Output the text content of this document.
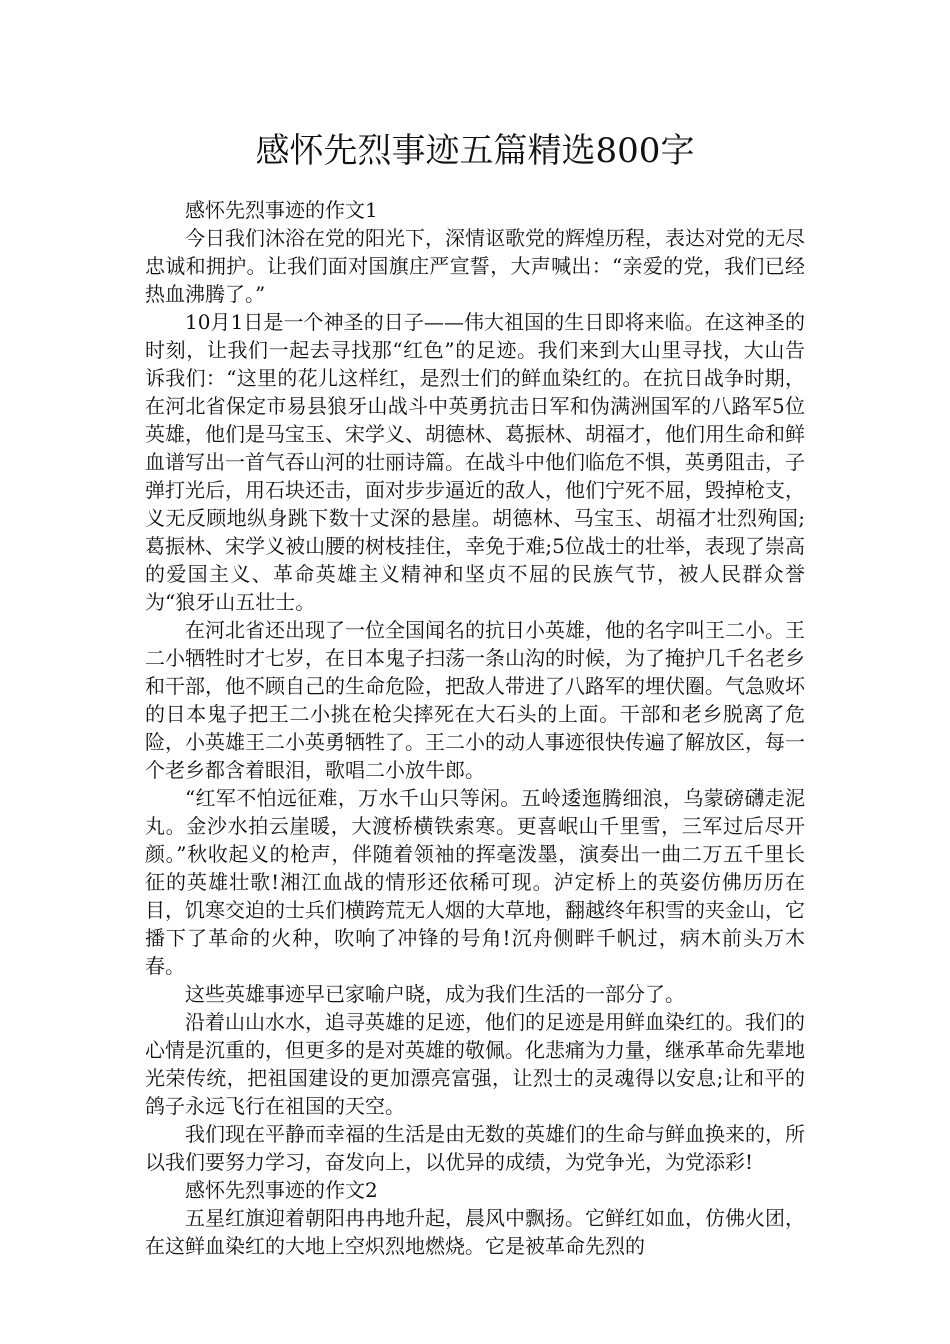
感怀先烈事迹五篇精选800字

感怀先烈事迹的作文1

今日我们沐浴在党的阳光下，深情讴歌党的辉煌历程，表达对党的无尽忠诚和拥护。让我们面对国旗庄严宣誓，大声喊出：“亲爱的党，我们已经热血沸腾了。”

10月1日是一个神圣的日子——伟大祖国的生日即将来临。在这神圣的时刻，让我们一起去寻找那“红色”的足迹。我们来到大山里寻找，大山告诉我们：“这里的花儿这样红，是烈士们的鲜血染红的。在抗日战争时期，在河北省保定市易县狼牙山战斗中英勇抗击日军和伪满洲国军的八路军5位英雄，他们是马宝玉、宋学义、胡德林、葛振林、胡福才，他们用生命和鲜血谱写出一首气吞山河的壮丽诗篇。在战斗中他们临危不惧，英勇阻击，子弹打光后，用石块还击，面对步步逼近的敌人，他们宁死不屈，毁掉枪支，义无反顾地纵身跳下数十丈深的悬崖。胡德林、马宝玉、胡福才壮烈殉国;葛振林、宋学义被山腰的树枝挂住，幸免于难;5位战士的壮举，表现了崇高的爱国主义、革命英雄主义精神和坚贞不屈的民族气节，被人民群众誉为“狼牙山五壮士。

在河北省还出现了一位全国闻名的抗日小英雄，他的名字叫王二小。王二小牺牲时才七岁，在日本鬼子扫荡一条山沟的时候，为了掩护几千名老乡和干部，他不顾自己的生命危险，把敌人带进了八路军的埋伏圈。气急败坏的日本鬼子把王二小挑在枪尖摔死在大石头的上面。干部和老乡脱离了危险，小英雄王二小英勇牺牲了。王二小的动人事迹很快传遍了解放区，每一个老乡都含着眼泪，歌唱二小放牛郎。

“红军不怕远征难，万水千山只等闲。五岭逶迤腾细浪，乌蒙磅礴走泥丸。金沙水拍云崖暖，大渡桥横铁索寒。更喜岷山千里雪，三军过后尽开颜。”秋收起义的枪声，伴随着领袖的挥毫泼墨，演奏出一曲二万五千里长征的英雄壮歌!湘江血战的情形还依稀可现。泸定桥上的英姿仿佛历历在目，饥寒交迫的士兵们横跨荒无人烟的大草地，翻越终年积雪的夹金山，它播下了革命的火种，吹响了冲锋的号角!沉舟侧畔千帆过，病木前头万木春。

这些英雄事迹早已家喻户晓，成为我们生活的一部分了。

沿着山山水水，追寻英雄的足迹，他们的足迹是用鲜血染红的。我们的心情是沉重的，但更多的是对英雄的敬佩。化悲痛为力量，继承革命先辈地光荣传统，把祖国建设的更加漂亮富强，让烈士的灵魂得以安息;让和平的鸽子永远飞行在祖国的天空。

我们现在平静而幸福的生活是由无数的英雄们的生命与鲜血换来的，所以我们要努力学习，奋发向上，以优异的成绩，为党争光，为党添彩!

感怀先烈事迹的作文2

五星红旗迎着朝阳冉冉地升起，晨风中飘扬。它鲜红如血，仿佛火团，在这鲜血染红的大地上空炽烈地燃烧。它是被革命先烈的
